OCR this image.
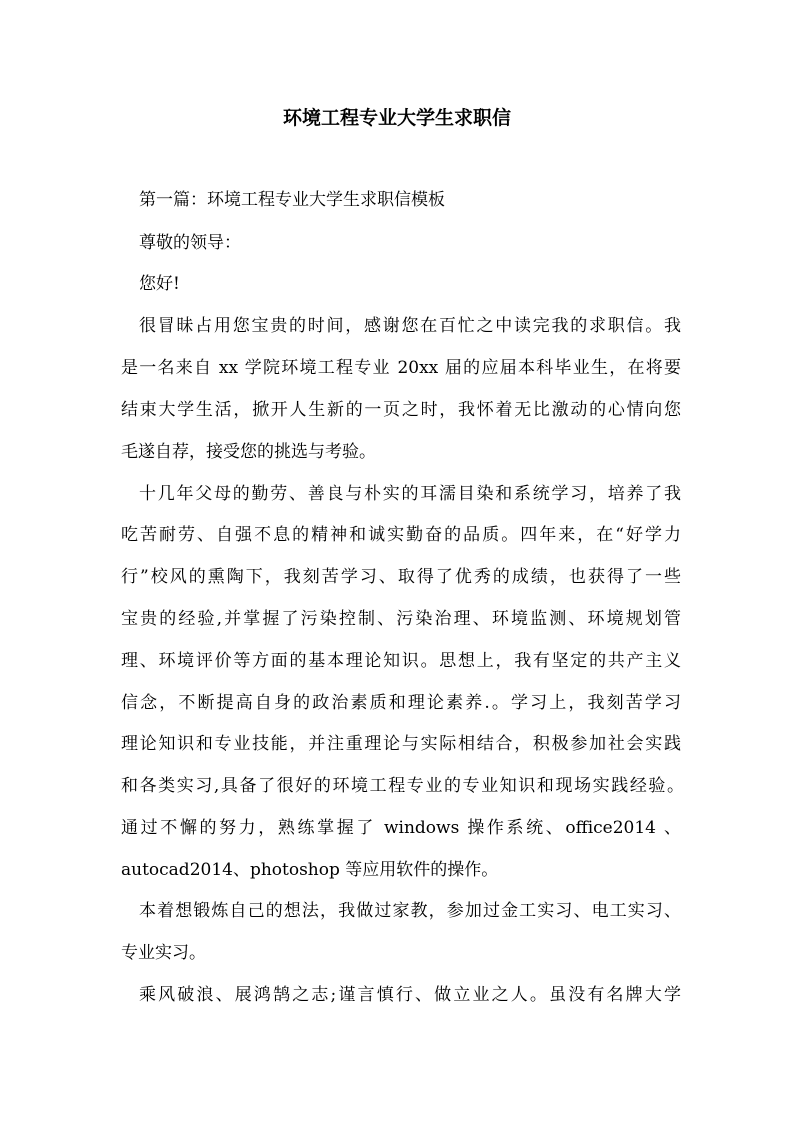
环境工程专业大学生求职信
第一篇：环境工程专业大学生求职信模板
尊敬的领导：
您好!
很冒昧占用您宝贵的时间，感谢您在百忙之中读完我的求职信。我
是一名来自 xx 学院环境工程专业 20xx 届的应届本科毕业生，在将要
结束大学生活，掀开人生新的一页之时，我怀着无比激动的心情向您
毛遂自荐，接受您的挑选与考验。
十几年父母的勤劳、善良与朴实的耳濡目染和系统学习，培养了我
吃苦耐劳、自强不息的精神和诚实勤奋的品质。四年来，在“好学力
行”校风的熏陶下，我刻苦学习、取得了优秀的成绩，也获得了一些
宝贵的经验,并掌握了污染控制、污染治理、环境监测、环境规划管
理、环境评价等方面的基本理论知识。思想上，我有坚定的共产主义
信念，不断提高自身的政治素质和理论素养.。学习上，我刻苦学习
理论知识和专业技能，并注重理论与实际相结合，积极参加社会实践
和各类实习,具备了很好的环境工程专业的专业知识和现场实践经验。
通过不懈的努力，熟练掌握了 windows 操作系统、office2014 、
autocad2014、photoshop 等应用软件的操作。
本着想锻炼自己的想法，我做过家教，参加过金工实习、电工实习、
专业实习。
乘风破浪、展鸿鹄之志;谨言慎行、做立业之人。虽没有名牌大学
